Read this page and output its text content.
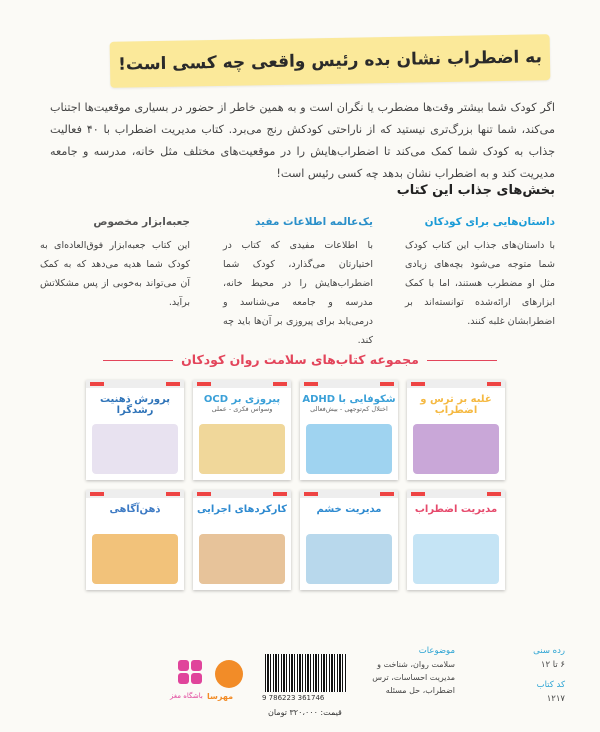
به اضطراب نشان بده رئیس واقعی چه کسی است!
اگر کودک شما بیشتر وقت‌ها مضطرب یا نگران است و به همین خاطر از حضور در بسیاری موقعیت‌ها اجتناب می‌کند، شما تنها بزرگ‌تری نیستید که از ناراحتی کودکش رنج می‌برد. کتاب مدیریت اضطراب با ۴۰ فعالیت جذاب به کودک شما کمک می‌کند تا اضطراب‌هایش را در موقعیت‌های مختلف مثل خانه، مدرسه و جامعه مدیریت کند و به اضطراب نشان بدهد چه کسی رئیس است!
بخش‌های جذاب این کتاب
داستان‌هایی برای کودکان
با داستان‌های جذاب این کتاب کودک شما متوجه می‌شود بچه‌های زیادی مثل او مضطرب هستند، اما با کمک ابزارهای ارائه‌شده توانسته‌اند بر اضطرابشان غلبه کنند.
یک‌عالمه اطلاعات مفید
با اطلاعات مفیدی که کتاب در اختیارتان می‌گذارد، کودک شما اضطراب‌هایش را در محیط خانه، مدرسه و جامعه می‌شناسد و درمی‌یابد برای پیروزی بر آن‌ها باید چه کند.
جعبه‌ابزار مخصوص
این کتاب جعبه‌ابزار فوق‌العاده‌ای به کودک شما هدیه می‌دهد که به کمک آن می‌تواند به‌خوبی از پس مشکلاتش برآید.
مجموعه کتاب‌های سلامت روان کودکان
غلبه بر ترس و اضطراب
شکوفایی با ADHD
اختلال کم‌توجهی - بیش‌فعالی
پیروزی بر OCD
وسواس فکری - عملی
پرورش ذهنیت رشدگرا
مدیریت اضطراب
مدیریت خشم
کارکردهای اجرایی
ذهن‌آگاهی
رده سنی
۶ تا ۱۲
کد کتاب
۱۲۱۷
موضوعات
سلامت روان، شناخت و مدیریت احساسات، ترس
اضطراب، حل مسئله
9 786223 361746
قیمت: ۳۲۰،۰۰۰ تومان
مهرسا
باشگاه مغز
